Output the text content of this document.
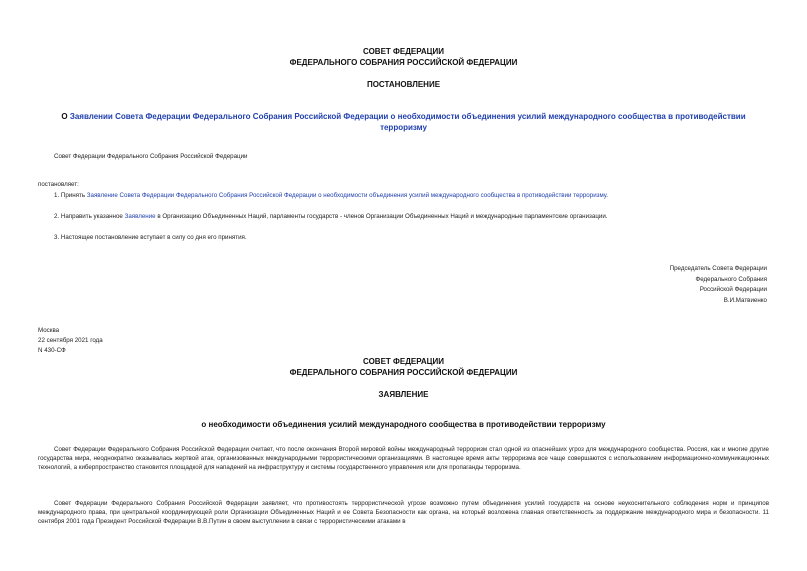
СОВЕТ ФЕДЕРАЦИИ
ФЕДЕРАЛЬНОГО СОБРАНИЯ РОССИЙСКОЙ ФЕДЕРАЦИИ
ПОСТАНОВЛЕНИЕ
О Заявлении Совета Федерации Федерального Собрания Российской Федерации о необходимости объединения усилий международного сообщества в противодействии терроризму
Совет Федерации Федерального Собрания Российской Федерации
постановляет:
1. Принять Заявление Совета Федерации Федерального Собрания Российской Федерации о необходимости объединения усилий международного сообщества в противодействии терроризму.
2. Направить указанное Заявление в Организацию Объединенных Наций, парламенты государств - членов Организации Объединенных Наций и международные парламентские организации.
3. Настоящее постановление вступает в силу со дня его принятия.
Председатель Совета Федерации
Федерального Собрания
Российской Федерации
В.И.Матвиенко
Москва
22 сентября 2021 года
N 430-СФ
СОВЕТ ФЕДЕРАЦИИ
ФЕДЕРАЛЬНОГО СОБРАНИЯ РОССИЙСКОЙ ФЕДЕРАЦИИ
ЗАЯВЛЕНИЕ
о необходимости объединения усилий международного сообщества в противодействии терроризму
Совет Федерации Федерального Собрания Российской Федерации считает, что после окончания Второй мировой войны международный терроризм стал одной из опаснейших угроз для международного сообщества. Россия, как и многие другие государства мира, неоднократно оказывалась жертвой атак, организованных международными террористическими организациями. В настоящее время акты терроризма все чаще совершаются с использованием информационно-коммуникационных технологий, а киберпространство становится площадкой для нападений на инфраструктуру и системы государственного управления или для пропаганды терроризма.
Совет Федерации Федерального Собрания Российской Федерации заявляет, что противостоять террористической угрозе возможно путем объединения усилий государств на основе неукоснительного соблюдения норм и принципов международного права, при центральной координирующей роли Организации Объединенных Наций и ее Совета Безопасности как органа, на который возложена главная ответственность за поддержание международного мира и безопасности. 11 сентября 2001 года Президент Российской Федерации В.В.Путин в своем выступлении в связи с террористическими атаками в
